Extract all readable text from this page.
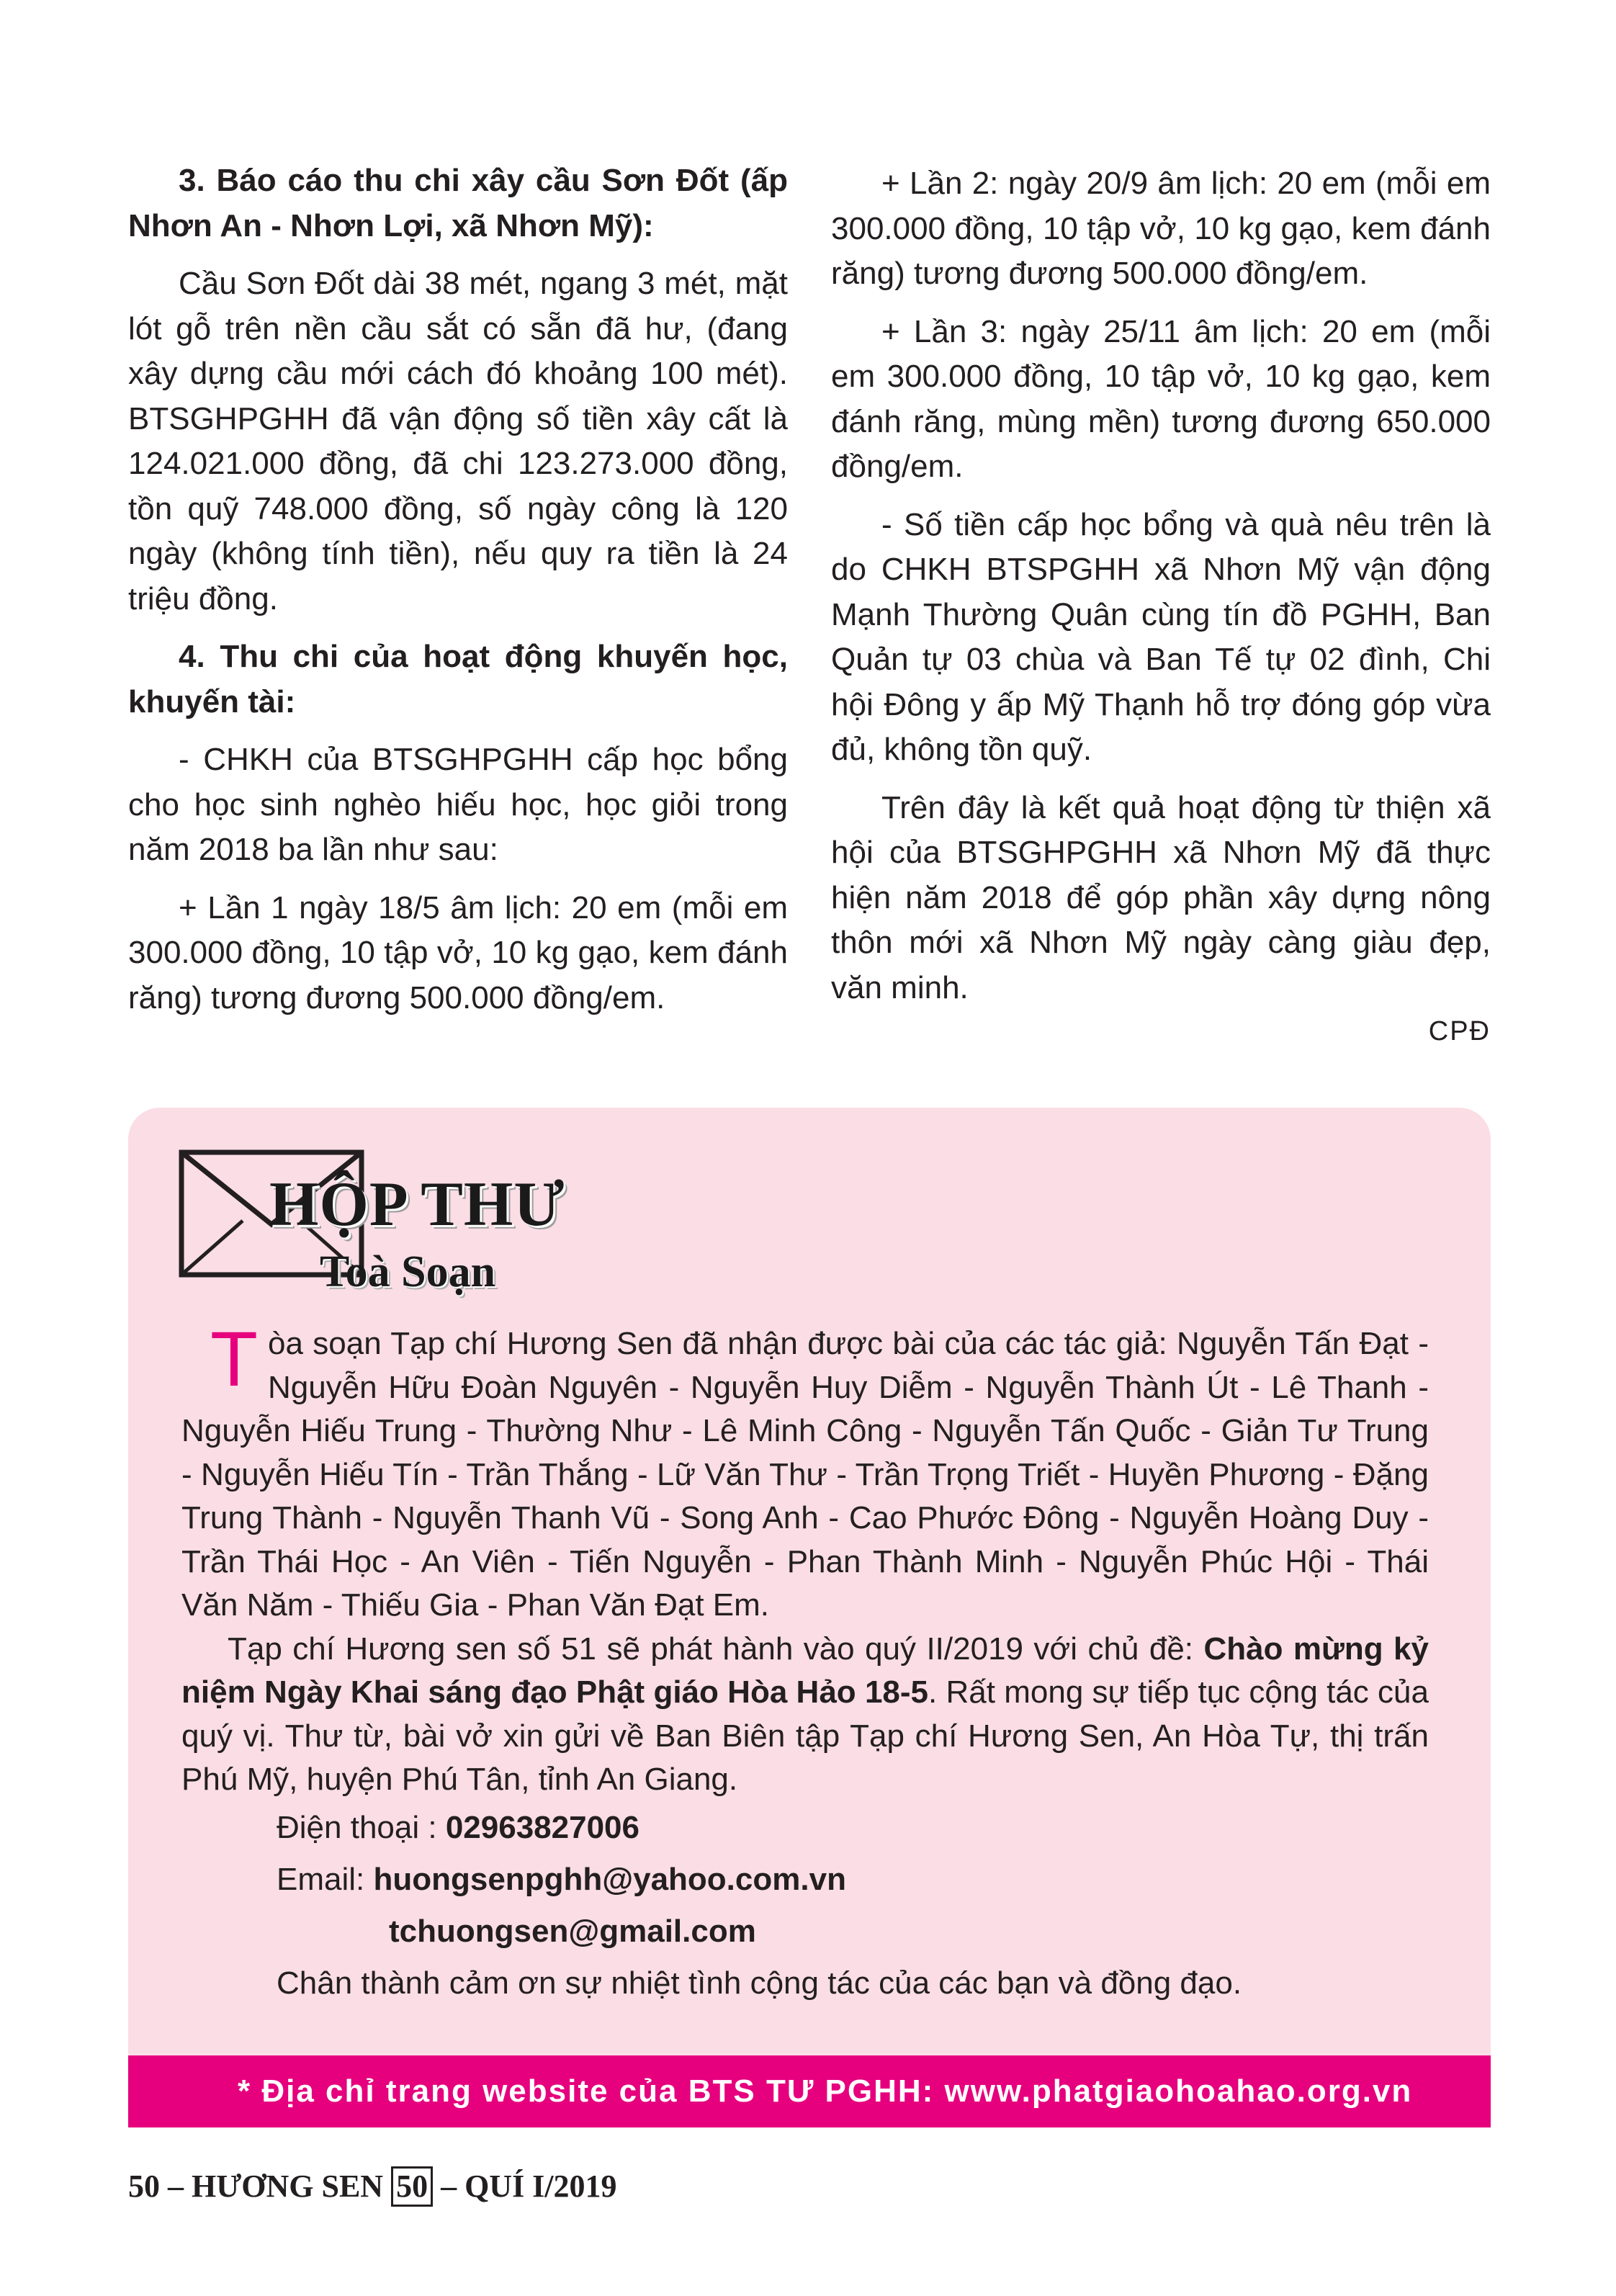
3. Báo cáo thu chi xây cầu Sơn Đốt (ấp Nhơn An - Nhơn Lợi, xã Nhơn Mỹ):

Cầu Sơn Đốt dài 38 mét, ngang 3 mét, mặt lót gỗ trên nền cầu sắt có sẵn đã hư, (đang xây dựng cầu mới cách đó khoảng 100 mét). BTSGHPGHH đã vận động số tiền xây cất là 124.021.000 đồng, đã chi 123.273.000 đồng, tồn quỹ 748.000 đồng, số ngày công là 120 ngày (không tính tiền), nếu quy ra tiền là 24 triệu đồng.

4. Thu chi của hoạt động khuyến học, khuyến tài:

- CHKH của BTSGHPGHH cấp học bổng cho học sinh nghèo hiếu học, học giỏi trong năm 2018 ba lần như sau:

+ Lần 1 ngày 18/5 âm lịch: 20 em (mỗi em 300.000 đồng, 10 tập vở, 10 kg gạo, kem đánh răng) tương đương 500.000 đồng/em.

+ Lần 2: ngày 20/9 âm lịch: 20 em (mỗi em 300.000 đồng, 10 tập vở, 10 kg gạo, kem đánh răng) tương đương 500.000 đồng/em.

+ Lần 3: ngày 25/11 âm lịch: 20 em (mỗi em 300.000 đồng, 10 tập vở, 10 kg gạo, kem đánh răng, mùng mền) tương đương 650.000 đồng/em.

- Số tiền cấp học bổng và quà nêu trên là do CHKH BTSPGHH xã Nhơn Mỹ vận động Mạnh Thường Quân cùng tín đồ PGHH, Ban Quản tự 03 chùa và Ban Tế tự 02 đình, Chi hội Đông y ấp Mỹ Thạnh hỗ trợ đóng góp vừa đủ, không tồn quỹ.

Trên đây là kết quả hoạt động từ thiện xã hội của BTSGHPGHH xã Nhơn Mỹ đã thực hiện năm 2018 để góp phần xây dựng nông thôn mới xã Nhơn Mỹ ngày càng giàu đẹp, văn minh.

CPĐ
HỘP THƯ
Toà Soạn

Tòa soạn Tạp chí Hương Sen đã nhận được bài của các tác giả: Nguyễn Tấn Đạt - Nguyễn Hữu Đoàn Nguyên - Nguyễn Huy Diễm - Nguyễn Thành Út - Lê Thanh - Nguyễn Hiếu Trung - Thường Như - Lê Minh Công - Nguyễn Tấn Quốc - Giản Tư Trung - Nguyễn Hiếu Tín - Trần Thắng - Lữ Văn Thư - Trần Trọng Triết - Huyền Phương - Đặng Trung Thành - Nguyễn Thanh Vũ - Song Anh - Cao Phước Đông - Nguyễn Hoàng Duy - Trần Thái Học - An Viên - Tiến Nguyễn - Phan Thành Minh - Nguyễn Phúc Hội - Thái Văn Năm - Thiếu Gia - Phan Văn Đạt Em.

Tạp chí Hương sen số 51 sẽ phát hành vào quý II/2019 với chủ đề: Chào mừng kỷ niệm Ngày Khai sáng đạo Phật giáo Hòa Hảo 18-5. Rất mong sự tiếp tục cộng tác của quý vị. Thư từ, bài vở xin gửi về Ban Biên tập Tạp chí Hương Sen, An Hòa Tự, thị trấn Phú Mỹ, huyện Phú Tân, tỉnh An Giang.

Điện thoại : 02963827006

Email: huongsenpghh@yahoo.com.vn

tchuongsen@gmail.com

Chân thành cảm ơn sự nhiệt tình cộng tác của các bạn và đồng đạo.

* Địa chỉ trang website của BTS TƯ PGHH: www.phatgiaohoahao.org.vn
50 – HƯƠNG SEN 50 – QUÍ I/2019
